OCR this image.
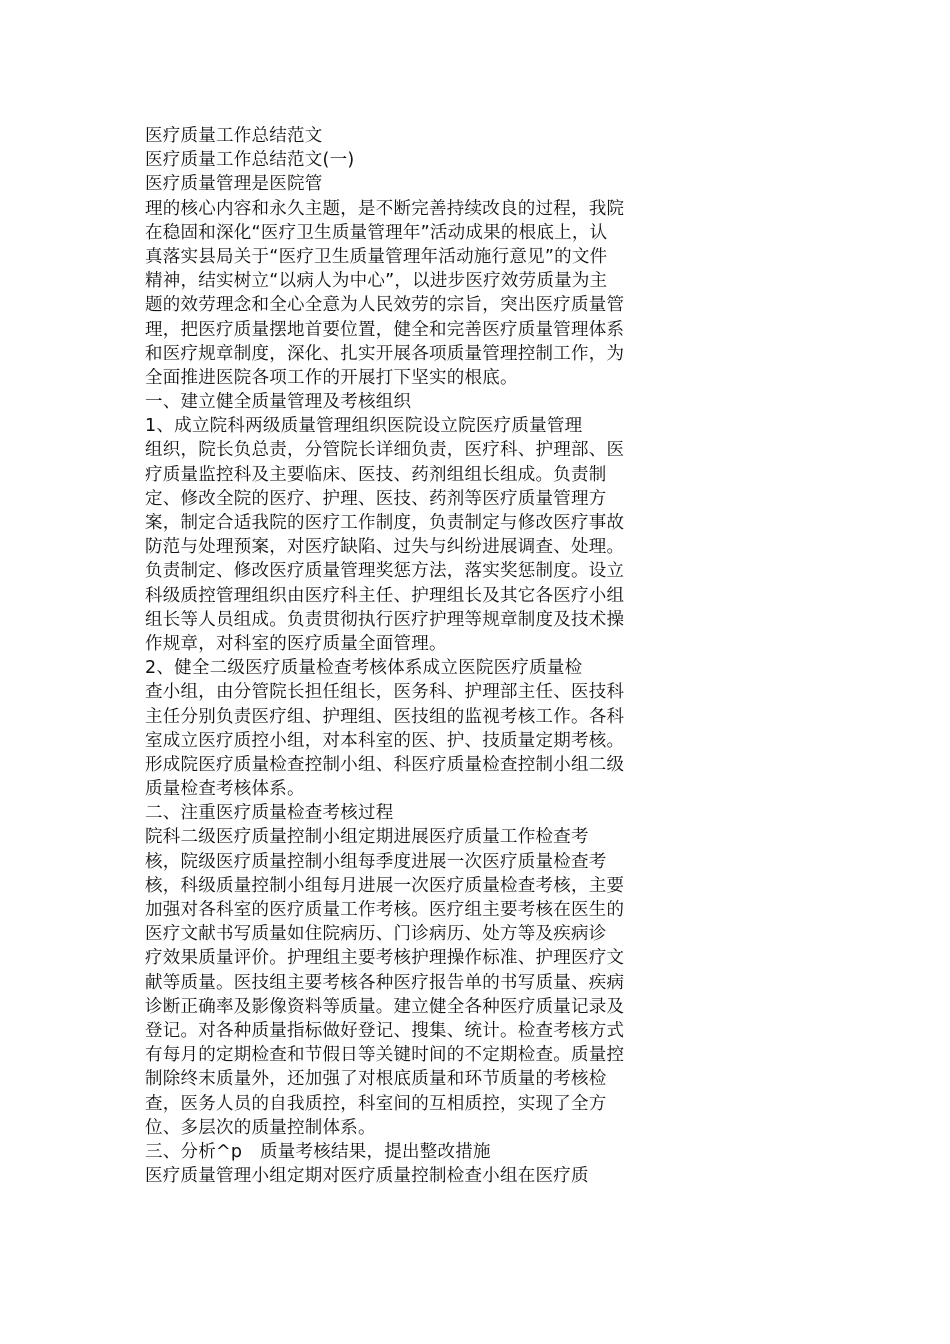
医疗质量工作总结范文
医疗质量工作总结范文(一)
医疗质量管理是医院管
理的核心内容和永久主题，是不断完善持续改良的过程，我院
在稳固和深化“医疗卫生质量管理年”活动成果的根底上，认
真落实县局关于“医疗卫生质量管理年活动施行意见”的文件
精神，结实树立“以病人为中心”，以进步医疗效劳质量为主
题的效劳理念和全心全意为人民效劳的宗旨，突出医疗质量管
理，把医疗质量摆地首要位置，健全和完善医疗质量管理体系
和医疗规章制度，深化、扎实开展各项质量管理控制工作，为
全面推进医院各项工作的开展打下坚实的根底。
一、建立健全质量管理及考核组织
1、成立院科两级质量管理组织医院设立院医疗质量管理
组织，院长负总责，分管院长详细负责，医疗科、护理部、医
疗质量监控科及主要临床、医技、药剂组组长组成。负责制
定、修改全院的医疗、护理、医技、药剂等医疗质量管理方
案，制定合适我院的医疗工作制度，负责制定与修改医疗事故
防范与处理预案，对医疗缺陷、过失与纠纷进展调查、处理。
负责制定、修改医疗质量管理奖惩方法，落实奖惩制度。设立
科级质控管理组织由医疗科主任、护理组长及其它各医疗小组
组长等人员组成。负责贯彻执行医疗护理等规章制度及技术操
作规章，对科室的医疗质量全面管理。
2、健全二级医疗质量检查考核体系成立医院医疗质量检
查小组，由分管院长担任组长，医务科、护理部主任、医技科
主任分别负责医疗组、护理组、医技组的监视考核工作。各科
室成立医疗质控小组，对本科室的医、护、技质量定期考核。
形成院医疗质量检查控制小组、科医疗质量检查控制小组二级
质量检查考核体系。
二、注重医疗质量检查考核过程
院科二级医疗质量控制小组定期进展医疗质量工作检查考
核，院级医疗质量控制小组每季度进展一次医疗质量检查考
核，科级质量控制小组每月进展一次医疗质量检查考核，主要
加强对各科室的医疗质量工作考核。医疗组主要考核在医生的
医疗文献书写质量如住院病历、门诊病历、处方等及疾病诊
疗效果质量评价。护理组主要考核护理操作标准、护理医疗文
献等质量。医技组主要考核各种医疗报告单的书写质量、疾病
诊断正确率及影像资料等质量。建立健全各种医疗质量记录及
登记。对各种质量指标做好登记、搜集、统计。检查考核方式
有每月的定期检查和节假日等关键时间的不定期检查。质量控
制除终末质量外，还加强了对根底质量和环节质量的考核检
查，医务人员的自我质控，科室间的互相质控，实现了全方
位、多层次的质量控制体系。
三、分析^p　质量考核结果，提出整改措施
医疗质量管理小组定期对医疗质量控制检查小组在医疗质
